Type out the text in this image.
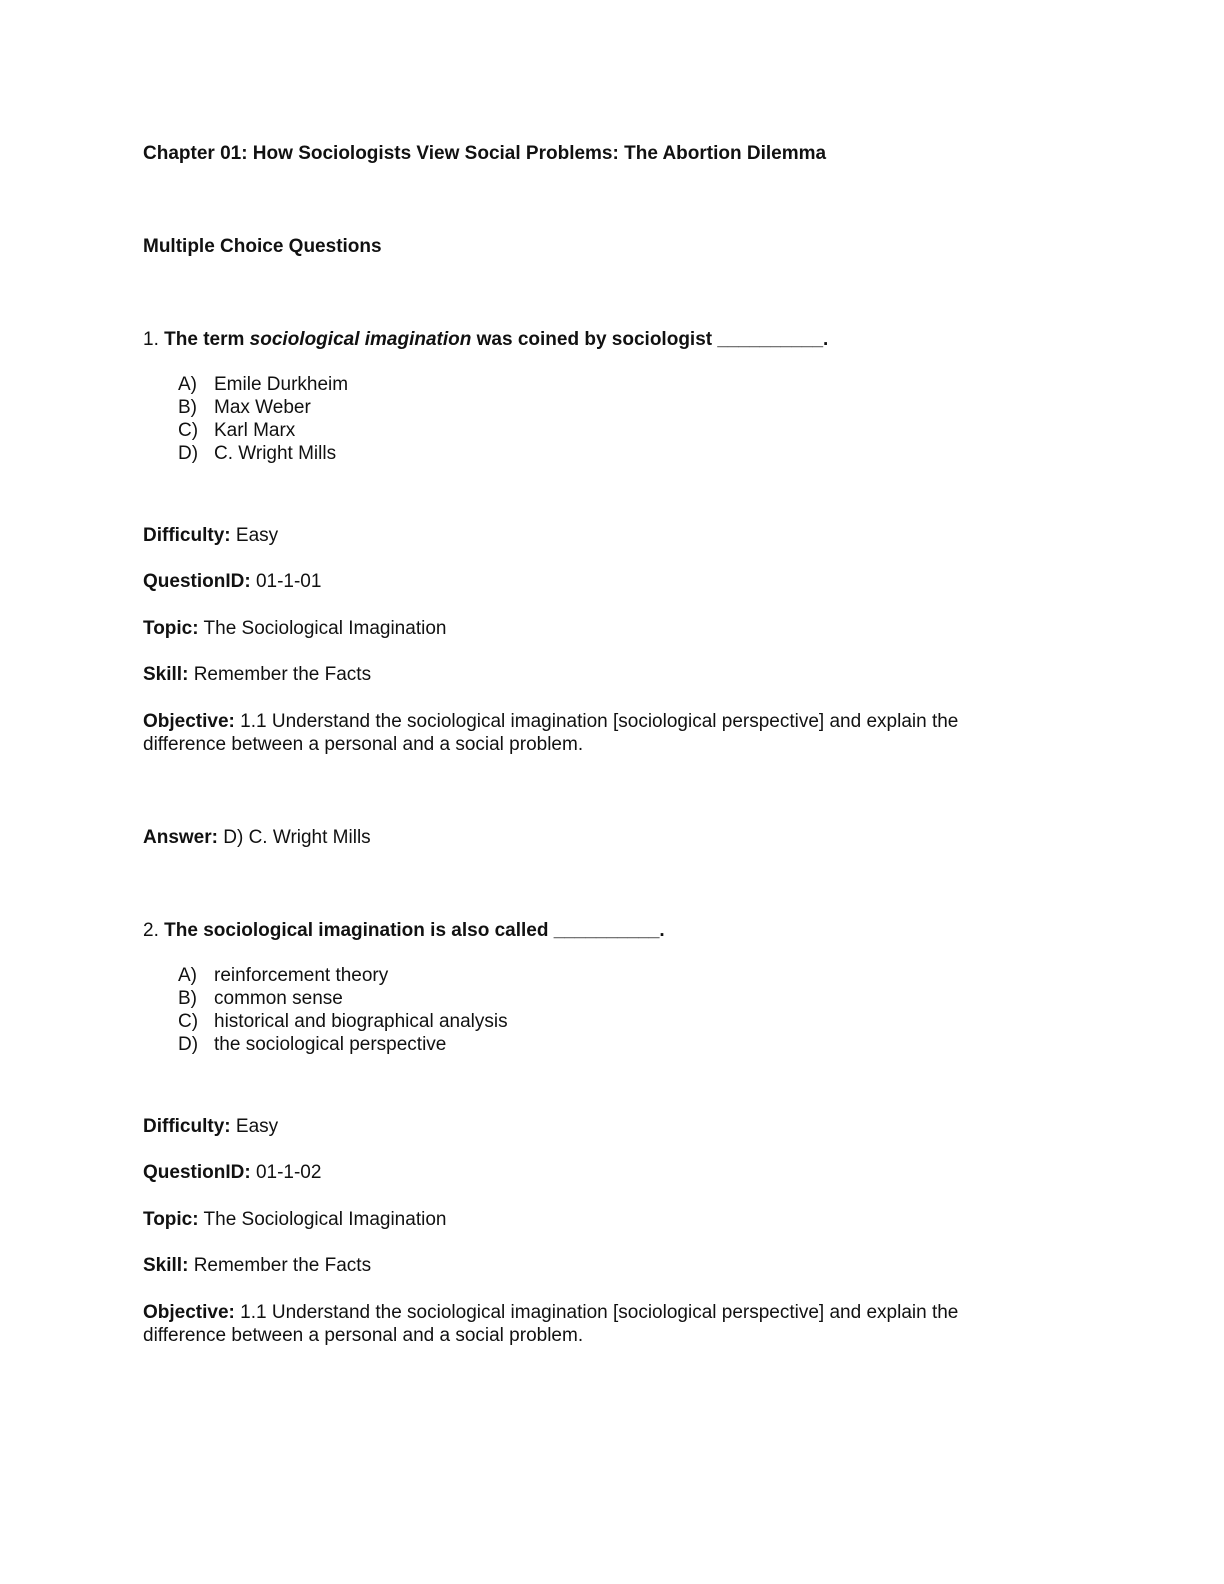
Chapter 01: How Sociologists View Social Problems: The Abortion Dilemma
Multiple Choice Questions
1. The term sociological imagination was coined by sociologist __________.
A) Emile Durkheim
B) Max Weber
C) Karl Marx
D) C. Wright Mills
Difficulty: Easy
QuestionID: 01-1-01
Topic: The Sociological Imagination
Skill: Remember the Facts
Objective: 1.1 Understand the sociological imagination [sociological perspective] and explain the difference between a personal and a social problem.
Answer: D) C. Wright Mills
2. The sociological imagination is also called __________.
A) reinforcement theory
B) common sense
C) historical and biographical analysis
D) the sociological perspective
Difficulty: Easy
QuestionID: 01-1-02
Topic: The Sociological Imagination
Skill: Remember the Facts
Objective: 1.1 Understand the sociological imagination [sociological perspective] and explain the difference between a personal and a social problem.
